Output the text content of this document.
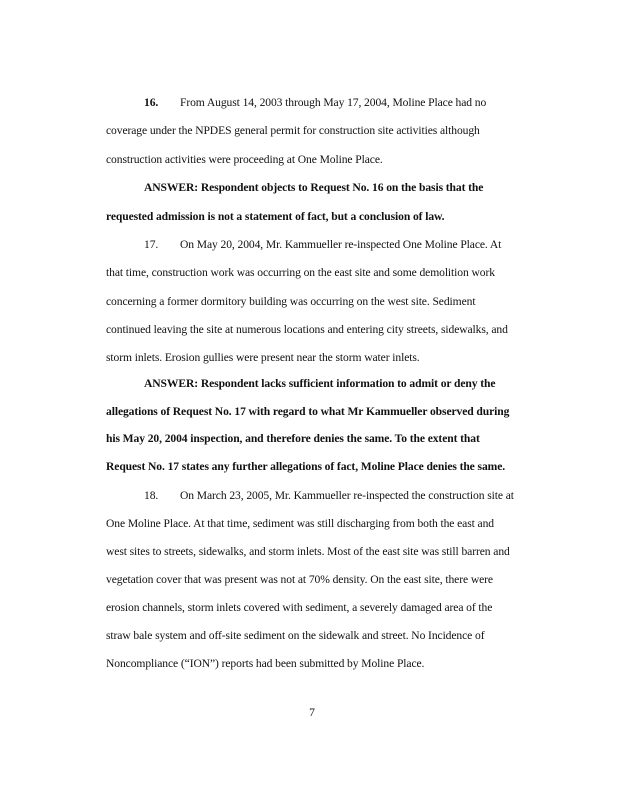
16. From August 14, 2003 through May 17, 2004, Moline Place had no
coverage under the NPDES general permit for construction site activities although
construction activities were proceeding at One Moline Place.
ANSWER: Respondent objects to Request No. 16 on the basis that the
requested admission is not a statement of fact, but a conclusion of law.
17. On May 20, 2004, Mr. Kammueller re-inspected One Moline Place. At
that time, construction work was occurring on the east site and some demolition work
concerning a former dormitory building was occurring on the west site. Sediment
continued leaving the site at numerous locations and entering city streets, sidewalks, and
storm inlets. Erosion gullies were present near the storm water inlets.
ANSWER: Respondent lacks sufficient information to admit or deny the
allegations of Request No. 17 with regard to what Mr Kammueller observed during
his May 20, 2004 inspection, and therefore denies the same. To the extent that
Request No. 17 states any further allegations of fact, Moline Place denies the same.
18. On March 23, 2005, Mr. Kammueller re-inspected the construction site at
One Moline Place. At that time, sediment was still discharging from both the east and
west sites to streets, sidewalks, and storm inlets. Most of the east site was still barren and
vegetation cover that was present was not at 70% density. On the east site, there were
erosion channels, storm inlets covered with sediment, a severely damaged area of the
straw bale system and off-site sediment on the sidewalk and street. No Incidence of
Noncompliance (“ION”) reports had been submitted by Moline Place.
7
